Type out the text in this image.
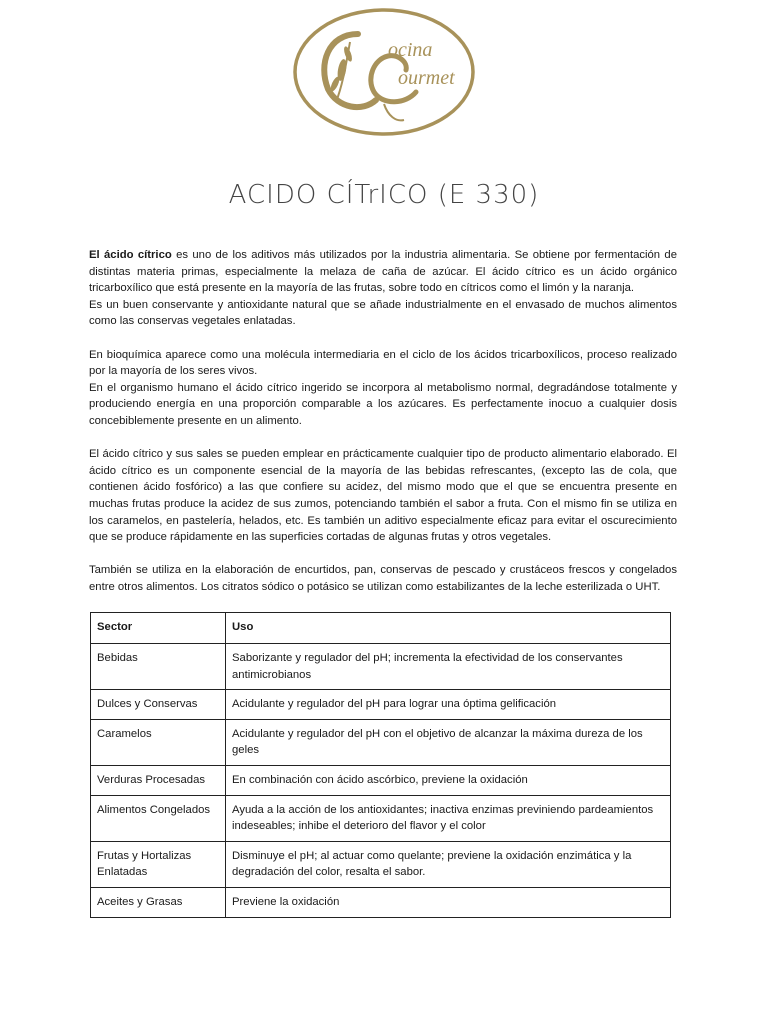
ocina
ourmet
ACIDO CÍTrICO (E 330)

El ácido cítrico es uno de los aditivos más utilizados por la industria alimentaria. Se obtiene por fermentación de distintas materia primas, especialmente la melaza de caña de azúcar. El ácido cítrico es un ácido orgánico tricarboxílico que está presente en la mayoría de las frutas, sobre todo en cítricos como el limón y la naranja.

Es un buen conservante y antioxidante natural que se añade industrialmente en el envasado de muchos alimentos como las conservas vegetales enlatadas.

En bioquímica aparece como una molécula intermediaria en el ciclo de los ácidos tricarboxílicos, proceso realizado por la mayoría de los seres vivos.

En el organismo humano el ácido cítrico ingerido se incorpora al metabolismo normal, degradándose totalmente y produciendo energía en una proporción comparable a los azúcares. Es perfectamente inocuo a cualquier dosis concebiblemente presente en un alimento.

El ácido cítrico y sus sales se pueden emplear en prácticamente cualquier tipo de producto alimentario elaborado. El ácido cítrico es un componente esencial de la mayoría de las bebidas refrescantes, (excepto las de cola, que contienen ácido fosfórico) a las que confiere su acidez, del mismo modo que el que se encuentra presente en muchas frutas produce la acidez de sus zumos, potenciando también el sabor a fruta. Con el mismo fin se utiliza en los caramelos, en pastelería, helados, etc. Es también un aditivo especialmente eficaz para evitar el oscurecimiento que se produce rápidamente en las superficies cortadas de algunas frutas y otros vegetales.

También se utiliza en la elaboración de encurtidos, pan, conservas de pescado y crustáceos frescos y congelados entre otros alimentos. Los citratos sódico o potásico se utilizan como estabilizantes de la leche esterilizada o UHT.

Sector	Uso
Bebidas	Saborizante y regulador del pH; incrementa la efectividad de los conservantes antimicrobianos
Dulces y Conservas	Acidulante y regulador del pH para lograr una óptima gelificación
Caramelos	Acidulante y regulador del pH con el objetivo de alcanzar la máxima dureza de los geles
Verduras Procesadas	En combinación con ácido ascórbico, previene la oxidación
Alimentos Congelados	Ayuda a la acción de los antioxidantes; inactiva enzimas previniendo pardeamientos indeseables; inhibe el deterioro del flavor y el color
Frutas y Hortalizas Enlatadas	Disminuye el pH; al actuar como quelante; previene la oxidación enzimática y la degradación del color, resalta el sabor.
Aceites y Grasas	Previene la oxidación
